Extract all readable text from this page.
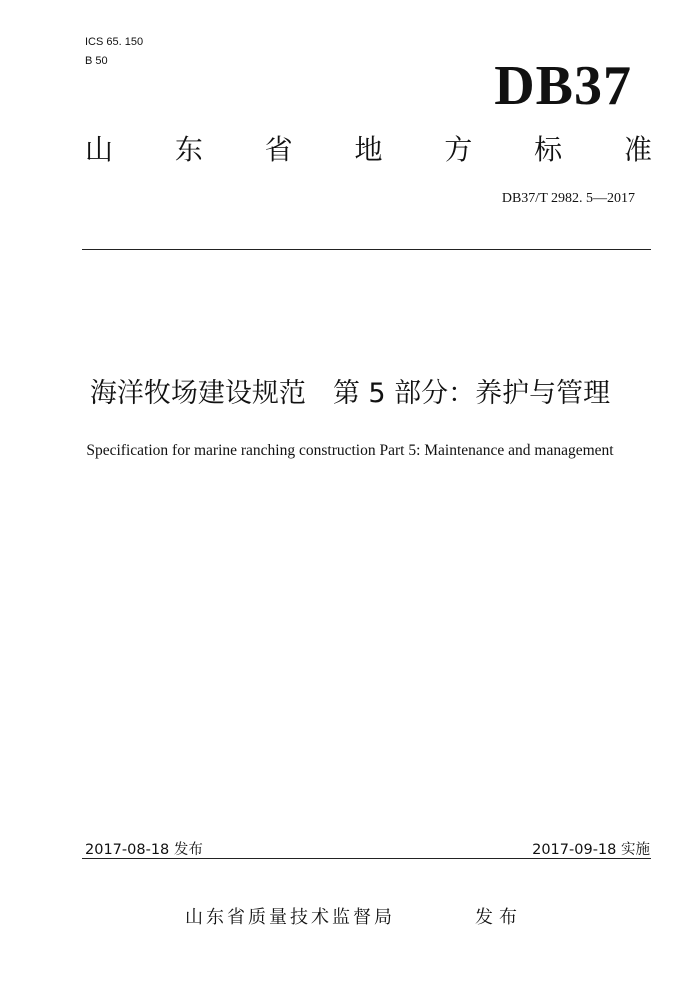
ICS 65. 150
B 50	DB37
山 东 省 地 方 标 准
DB37/T 2982. 5—2017
海洋牧场建设规范　第 5 部分：养护与管理
Specification for marine ranching construction Part 5: Maintenance and management
2017-08-18 发布	2017-09-18 实施
山东省质量技术监督局	发布
